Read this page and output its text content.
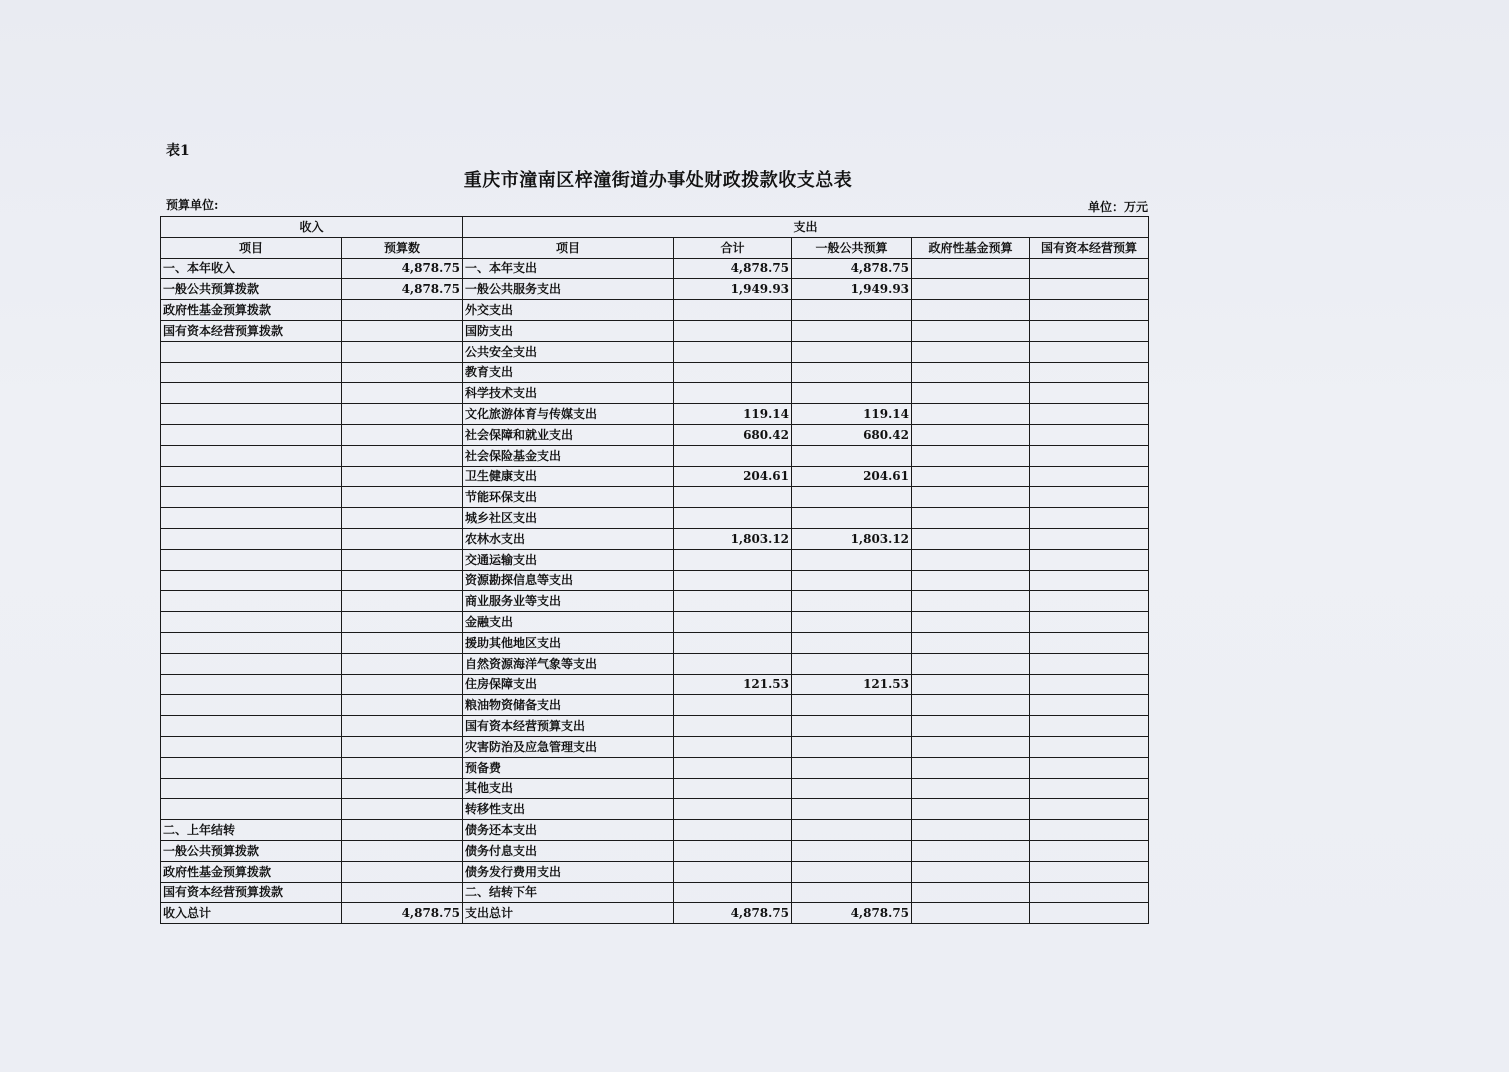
表1
重庆市潼南区梓潼街道办事处财政拨款收支总表
预算单位:	单位：万元
收入		支出				
项目	预算数	项目	合计	一般公共预算	政府性基金预算	国有资本经营预算
一、本年收入	4,878.75	一、本年支出	4,878.75	4,878.75		
一般公共预算拨款	4,878.75	一般公共服务支出	1,949.93	1,949.93		
政府性基金预算拨款		外交支出				
国有资本经营预算拨款		国防支出				
		公共安全支出				
		教育支出				
		科学技术支出				
		文化旅游体育与传媒支出	119.14	119.14		
		社会保障和就业支出	680.42	680.42		
		社会保险基金支出				
		卫生健康支出	204.61	204.61		
		节能环保支出				
		城乡社区支出				
		农林水支出	1,803.12	1,803.12		
		交通运输支出				
		资源勘探信息等支出				
		商业服务业等支出				
		金融支出				
		援助其他地区支出				
		自然资源海洋气象等支出				
		住房保障支出	121.53	121.53		
		粮油物资储备支出				
		国有资本经营预算支出				
		灾害防治及应急管理支出				
		预备费				
		其他支出				
		转移性支出				
二、上年结转		债务还本支出				
一般公共预算拨款		债务付息支出				
政府性基金预算拨款		债务发行费用支出				
国有资本经营预算拨款		二、结转下年				
收入总计	4,878.75	支出总计	4,878.75	4,878.75		
